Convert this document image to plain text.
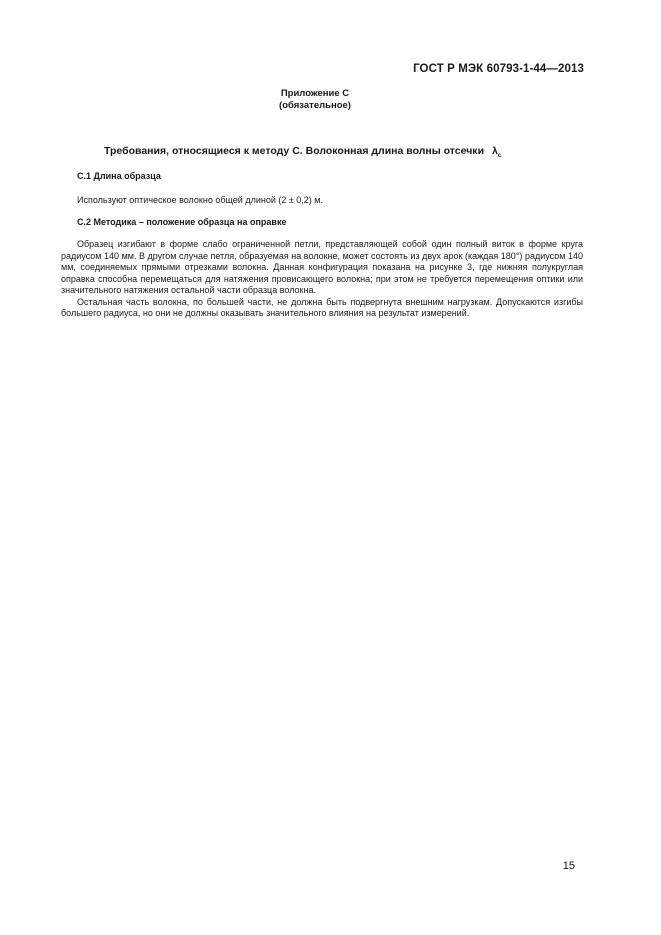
ГОСТ Р МЭК 60793-1-44—2013
Приложение С
(обязательное)
Требования, относящиеся к методу С. Волоконная длина волны отсечки $\lambda_c$
С.1 Длина образца
Используют оптическое волокно общей длиной (2 ± 0,2) м.
С.2 Методика – положение образца на оправке

Образец изгибают в форме слабо ограниченной петли, представляющей собой один полный виток в форме круга радиусом 140 мм. В другом случае петля, образуемая на волокне, может состоять из двух арок (каждая 180°) радиусом 140 мм, соединяемых прямыми отрезками волокна. Данная конфигурация показана на рисунке 3, где нижняя полукруглая оправка способна перемещаться для натяжения провисающего волокна; при этом не требуется перемещения оптики или значительного натяжения остальной части образца волокна.

Остальная часть волокна, по большей части, не должна быть подвергнута внешним нагрузкам. Допускаются изгибы большего радиуса, но они не должны оказывать значительного влияния на результат измерений.

15
